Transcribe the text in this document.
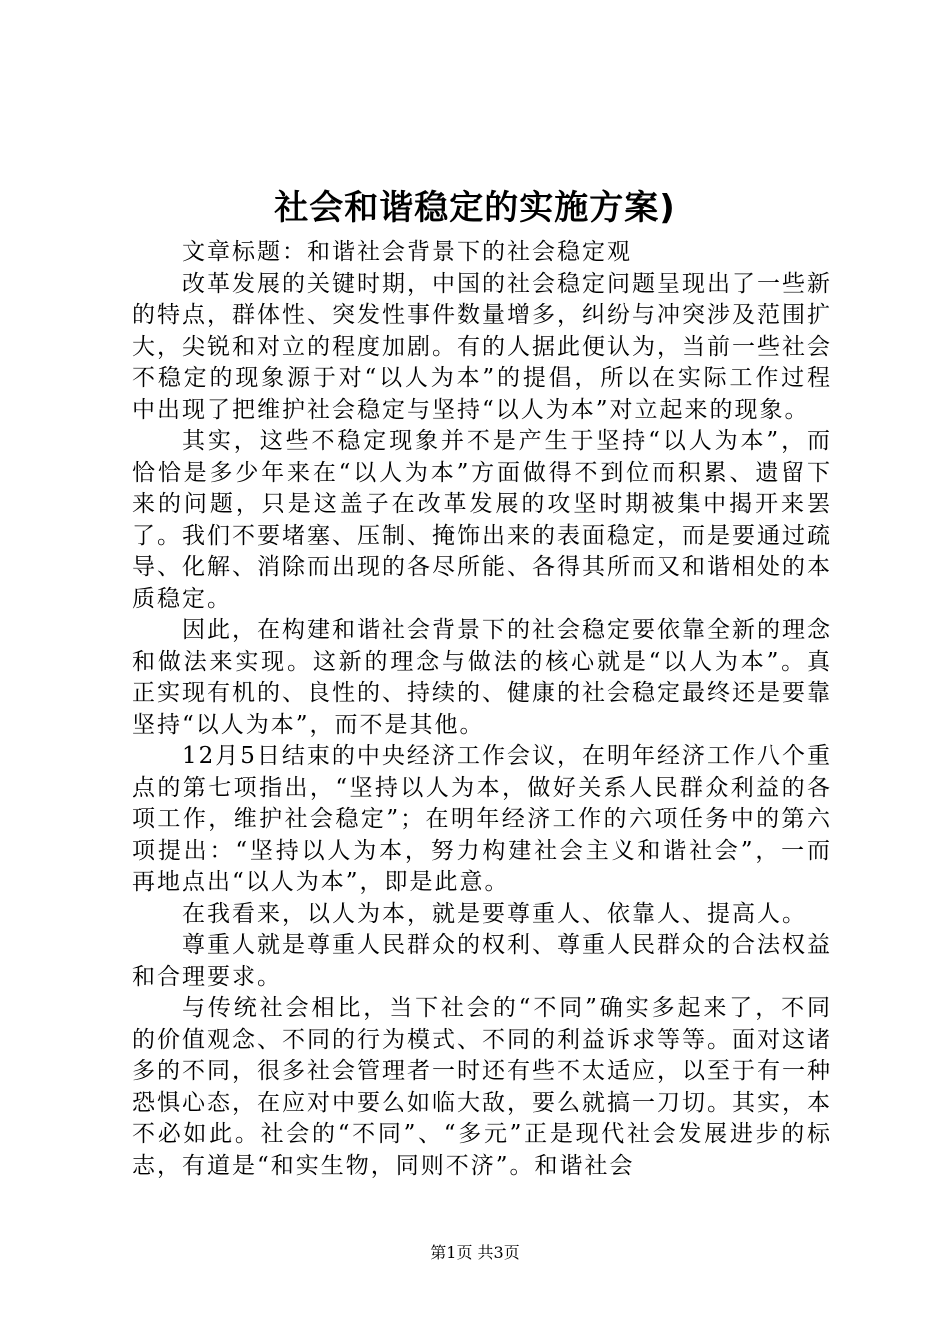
社会和谐稳定的实施方案)

文章标题：和谐社会背景下的社会稳定观

改革发展的关键时期，中国的社会稳定问题呈现出了一些新的特点，群体性、突发性事件数量增多，纠纷与冲突涉及范围扩大，尖锐和对立的程度加剧。有的人据此便认为，当前一些社会不稳定的现象源于对“以人为本”的提倡，所以在实际工作过程中出现了把维护社会稳定与坚持“以人为本”对立起来的现象。

其实，这些不稳定现象并不是产生于坚持“以人为本”，而恰恰是多少年来在“以人为本”方面做得不到位而积累、遗留下来的问题，只是这盖子在改革发展的攻坚时期被集中揭开来罢了。我们不要堵塞、压制、掩饰出来的表面稳定，而是要通过疏导、化解、消除而出现的各尽所能、各得其所而又和谐相处的本质稳定。

因此，在构建和谐社会背景下的社会稳定要依靠全新的理念和做法来实现。这新的理念与做法的核心就是“以人为本”。真正实现有机的、良性的、持续的、健康的社会稳定最终还是要靠坚持“以人为本”，而不是其他。

12月5日结束的中央经济工作会议，在明年经济工作八个重点的第七项指出，“坚持以人为本，做好关系人民群众利益的各项工作，维护社会稳定”；在明年经济工作的六项任务中的第六项提出：“坚持以人为本，努力构建社会主义和谐社会”，一而再地点出“以人为本”，即是此意。

在我看来，以人为本，就是要尊重人、依靠人、提高人。

尊重人就是尊重人民群众的权利、尊重人民群众的合法权益和合理要求。

与传统社会相比，当下社会的“不同”确实多起来了，不同的价值观念、不同的行为模式、不同的利益诉求等等。面对这诸多的不同，很多社会管理者一时还有些不太适应，以至于有一种恐惧心态，在应对中要么如临大敌，要么就搞一刀切。其实，本不必如此。社会的“不同”、“多元”正是现代社会发展进步的标志，有道是“和实生物，同则不济”。和谐社会

第1页 共3页
